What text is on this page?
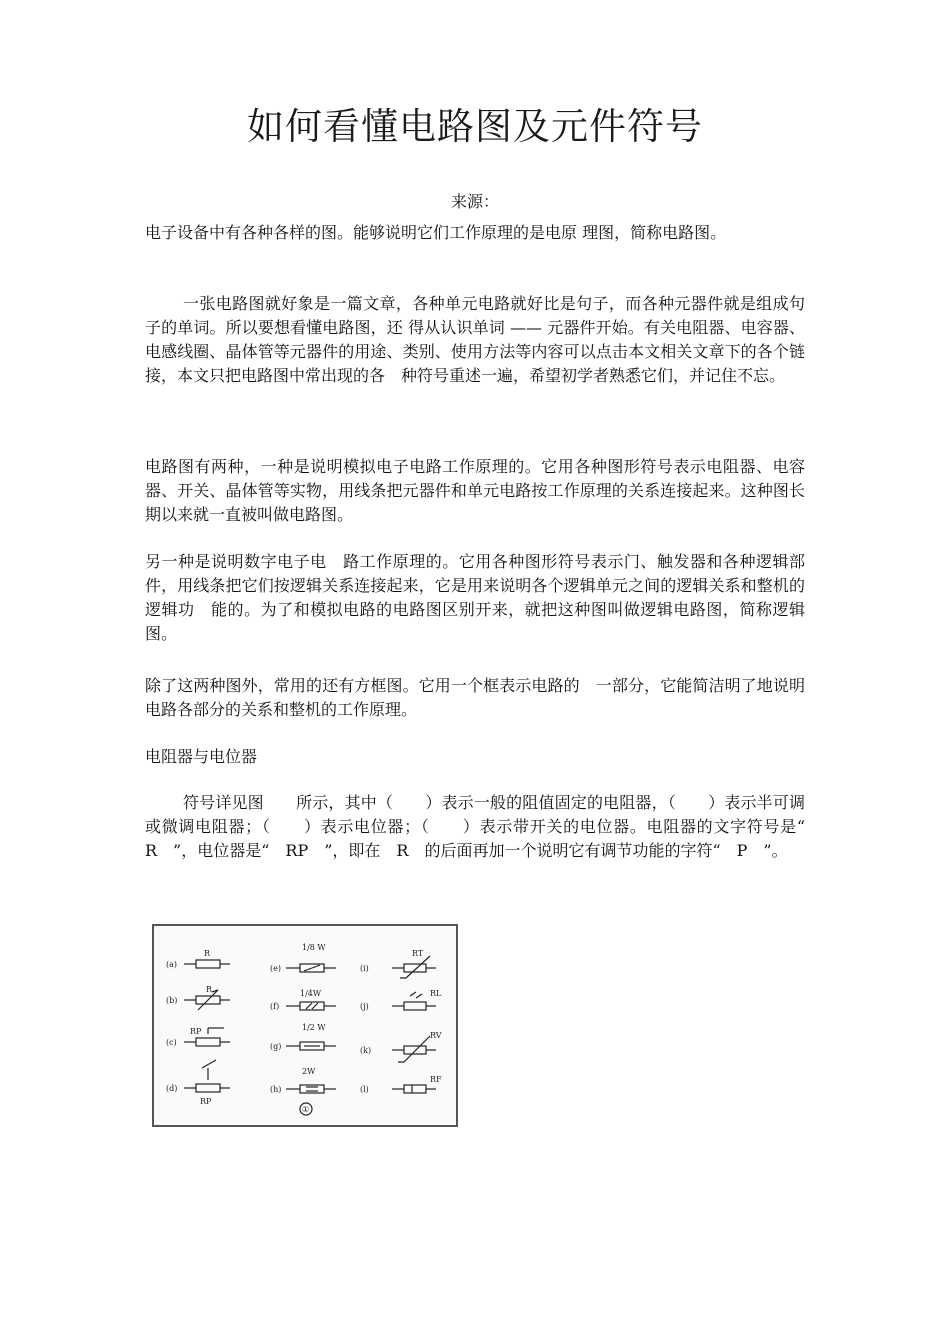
如何看懂电路图及元件符号
来源：

电子设备中有各种各样的图。能够说明它们工作原理的是电原 理图，简称电路图。

一张电路图就好象是一篇文章，各种单元电路就好比是句子，而各种元器件就是组成句子的单词。所以要想看懂电路图，还 得从认识单词 —— 元器件开始。有关电阻器、电容器、电感线圈、晶体管等元器件的用途、类别、使用方法等内容可以点击本文相关文章下的各个链接，本文只把电路图中常出现的各　种符号重述一遍，希望初学者熟悉它们，并记住不忘。

电路图有两种，一种是说明模拟电子电路工作原理的。它用各种图形符号表示电阻器、电容　器、开关、晶体管等实物，用线条把元器件和单元电路按工作原理的关系连接起来。这种图长期以来就一直被叫做电路图。

另一种是说明数字电子电　路工作原理的。它用各种图形符号表示门、触发器和各种逻辑部件，用线条把它们按逻辑关系连接起来，它是用来说明各个逻辑单元之间的逻辑关系和整机的逻辑功　能的。为了和模拟电路的电路图区别开来，就把这种图叫做逻辑电路图，简称逻辑图。

除了这两种图外，常用的还有方框图。它用一个框表示电路的　一部分，它能简洁明了地说明电路各部分的关系和整机的工作原理。

电阻器与电位器

符号详见图　　所示，其中（　　）表示一般的阻值固定的电阻器，（　　）表示半可调或微调电阻器；（　　）表示电位器；（　　）表示带开关的电位器。电阻器的文字符号是“　R　”，电位器是“　RP　”，即在　R　的后面再加一个说明它有调节功能的字符“　P　”。

(a)
R
(b)
R
(c)
RP
(d)
RP
(e)
1/8 W
(f)
1/4W
(g)
1/2 W
(h)
2W
①
(i)
RT
(j)
RL
(k)
RV
(l)
RF
